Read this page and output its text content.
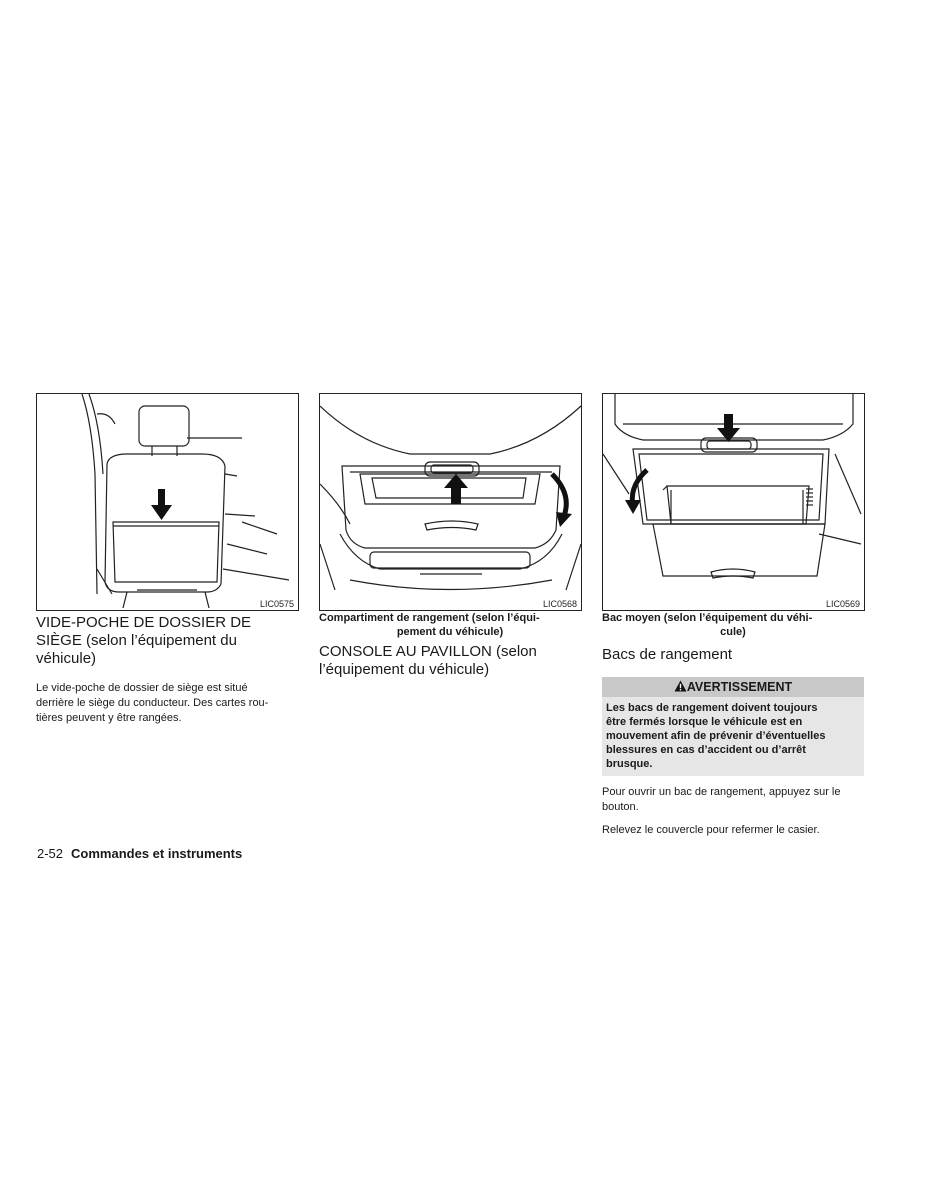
LIC0575
VIDE-POCHE DE DOSSIER DE
SIÈGE (selon l’équipement du
véhicule)

Le vide-poche de dossier de siège est situé
derrière le siège du conducteur. Des cartes rou-
tières peuvent y être rangées.

LIC0568
Compartiment de rangement (selon l’équi-
pement du véhicule)
CONSOLE AU PAVILLON (selon
l’équipement du véhicule)
LIC0569
Bac moyen (selon l’équipement du véhi-
cule)
Bacs de rangement
AVERTISSEMENT
Les bacs de rangement doivent toujours
être fermés lorsque le véhicule est en
mouvement afin de prévenir d’éventuelles
blessures en cas d’accident ou d’arrêt
brusque.

Pour ouvrir un bac de rangement, appuyez sur le
bouton.

Relevez le couvercle pour refermer le casier.

2-52 Commandes et instruments
